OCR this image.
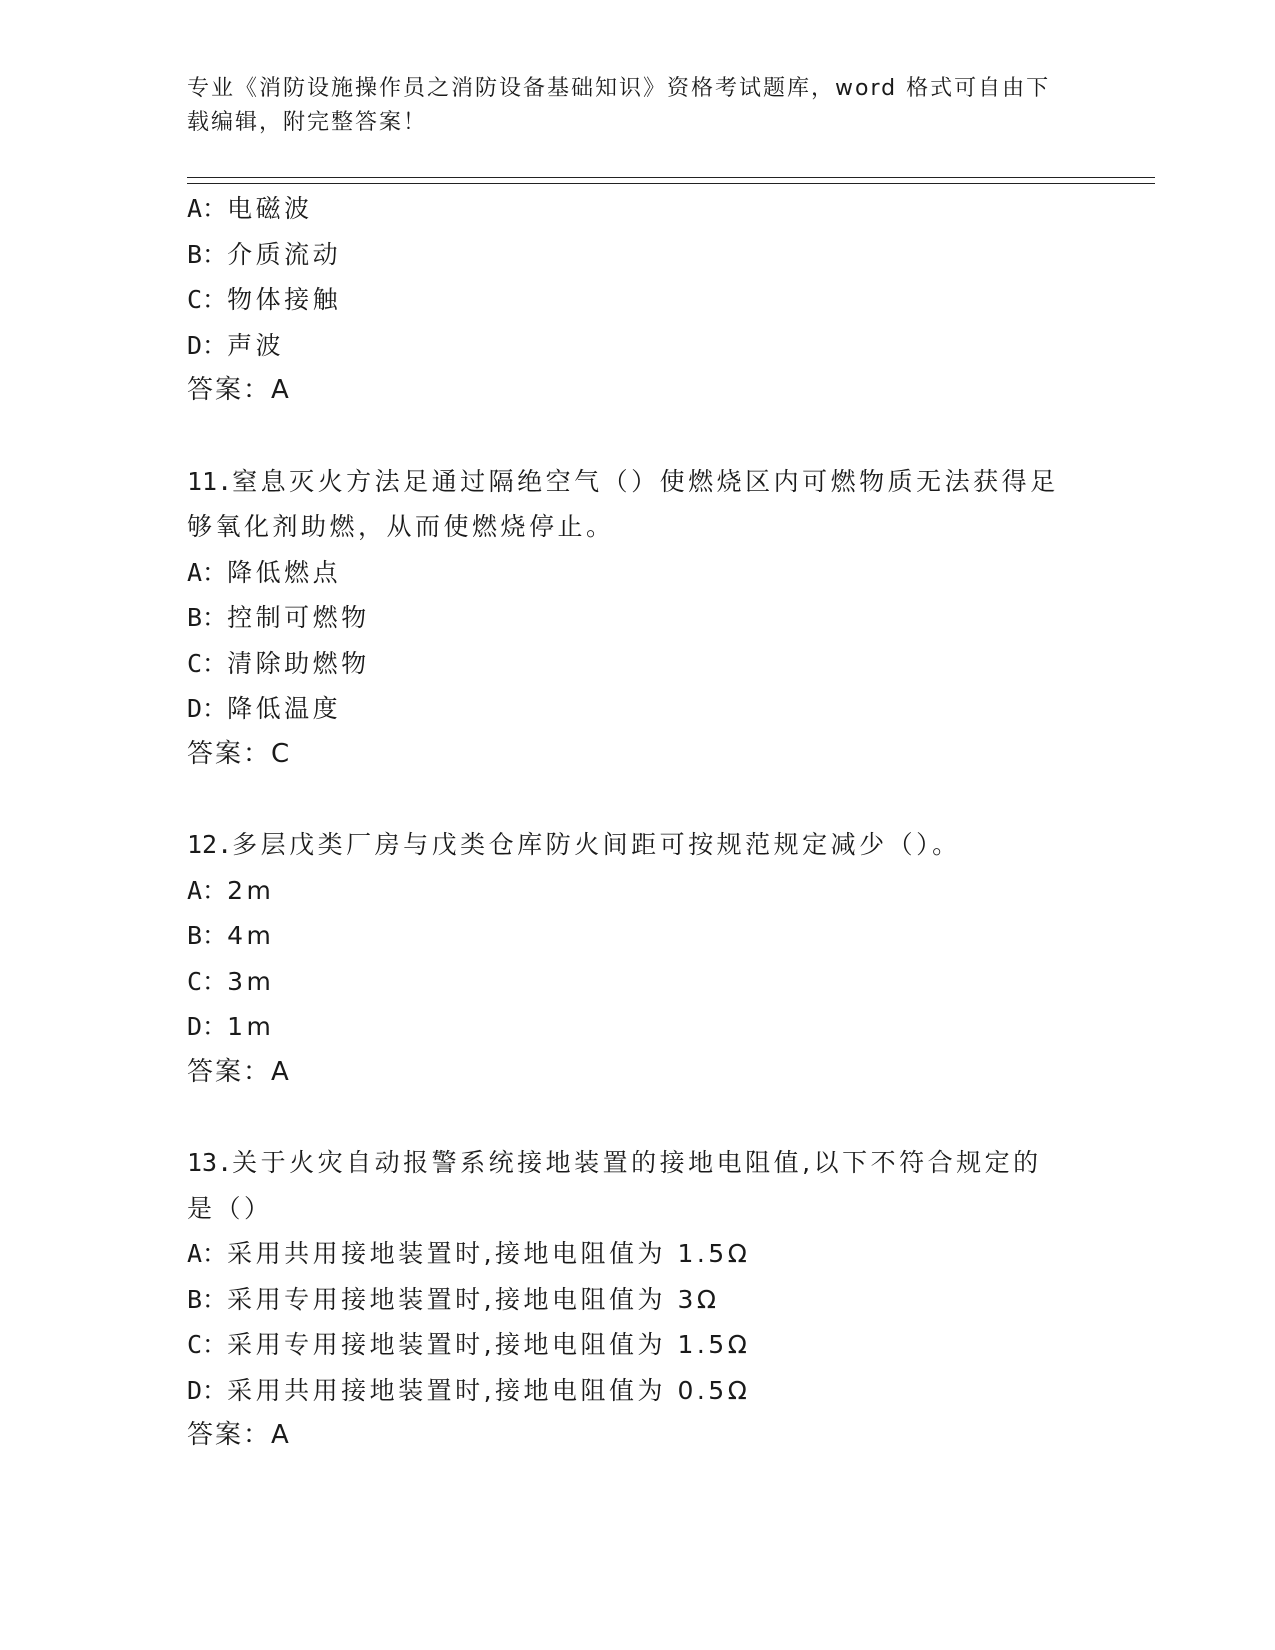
专业《消防设施操作员之消防设备基础知识》资格考试题库，word 格式可自由下
载编辑，附完整答案！
A：电磁波
B：介质流动
C：物体接触
D：声波
答案：A
11.窒息灭火方法足通过隔绝空气（）使燃烧区内可燃物质无法获得足
够氧化剂助燃，从而使燃烧停止。
A：降低燃点
B：控制可燃物
C：清除助燃物
D：降低温度
答案：C
12.多层戊类厂房与戊类仓库防火间距可按规范规定减少（）。
A：2m
B：4m
C：3m
D：1m
答案：A
13.关于火灾自动报警系统接地装置的接地电阻值,以下不符合规定的
是（）
A：采用共用接地装置时,接地电阻值为 1.5Ω
B：采用专用接地装置时,接地电阻值为 3Ω
C：采用专用接地装置时,接地电阻值为 1.5Ω
D：采用共用接地装置时,接地电阻值为 0.5Ω
答案：A
